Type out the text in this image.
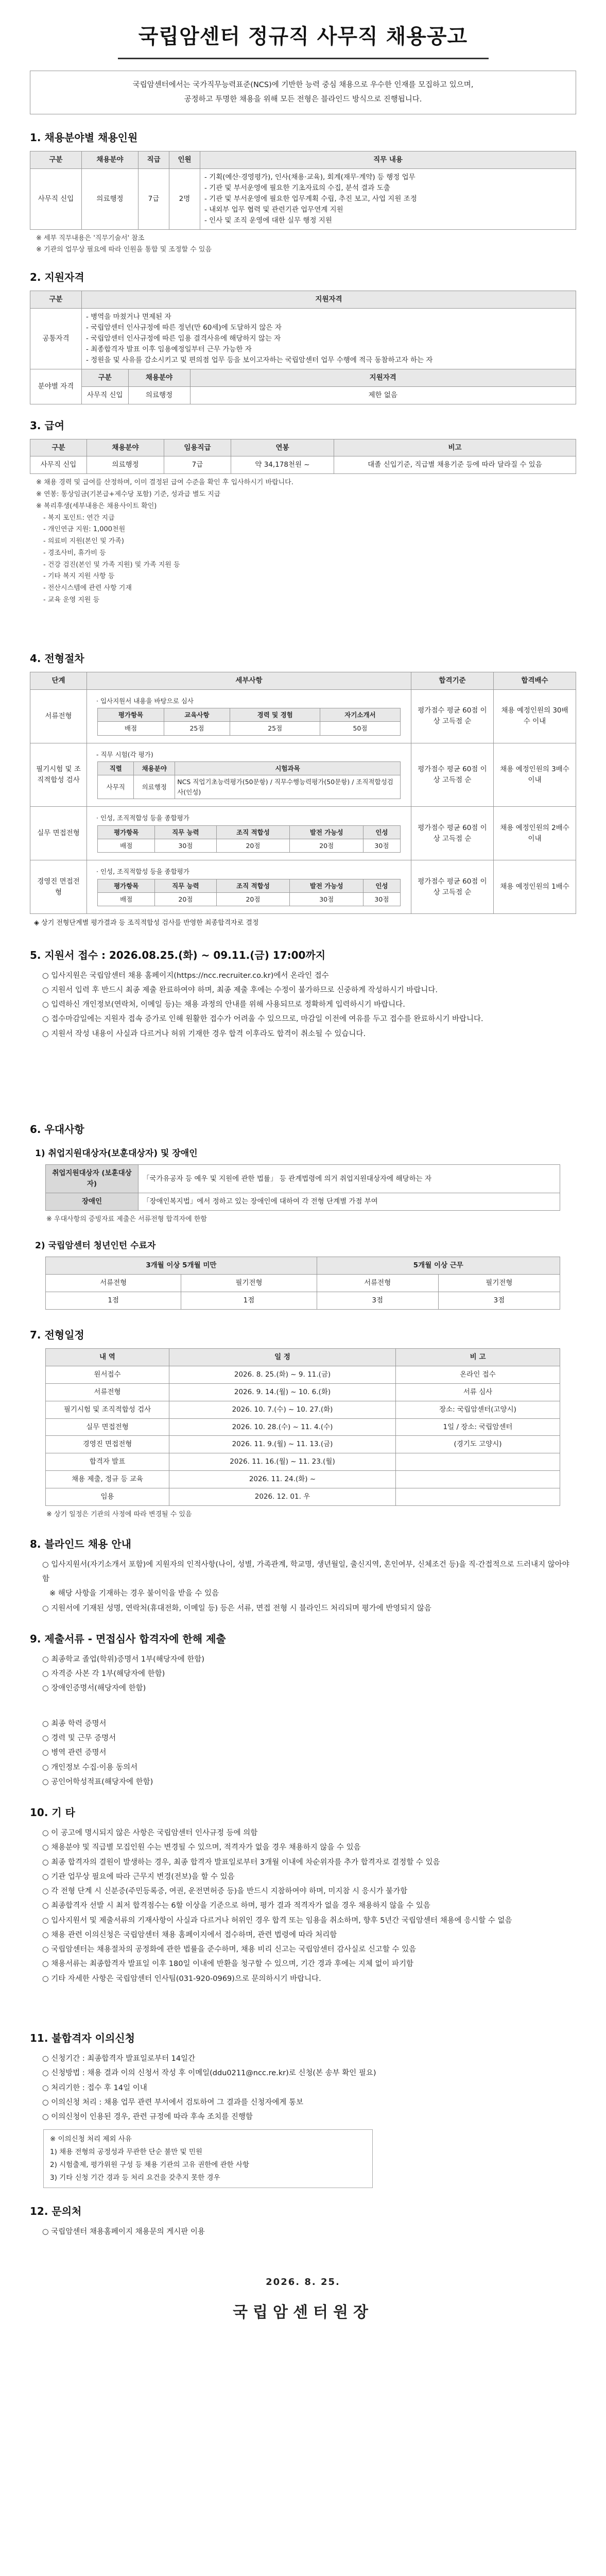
국립암센터 정규직 사무직 채용공고
국립암센터에서는 국가직무능력표준(NCS)에 기반한 능력 중심 채용으로 우수한 인재를 모집하고 있으며,
공정하고 투명한 채용을 위해 모든 전형은 블라인드 방식으로 진행됩니다.
1. 채용분야별 채용인원
구분	채용분야	직급	인원	직무 내용
사무직 신입	의료행정	7급	2명	- 기획(예산·경영평가), 인사(채용·교육), 회계(재무·계약) 등 행정 업무
- 기관 및 부서운영에 필요한 기초자료의 수집, 분석 결과 도출
- 기관 및 부서운영에 필요한 업무계획 수립, 추진 보고, 사업 지원 조정
- 내외부 업무 협력 및 관련기관 업무연계 지원
- 인사 및 조직 운영에 대한 실무 행정 지원
※ 세부 직무내용은 '직무기술서' 참조
※ 기관의 업무상 필요에 따라 인원을 통합 및 조정할 수 있음
2. 지원자격
구분	지원자격
공통자격	
- 병역을 마쳤거나 면제된 자
- 국립암센터 인사규정에 따른 정년(만 60세)에 도달하지 않은 자
- 국립암센터 인사규정에 따른 임용 결격사유에 해당하지 않는 자
- 최종합격자 발표 이후 임용예정일부터 근무 가능한 자
- 정원을 및 사유를 감소시키고 및 편의점 업무 등을 보이고자하는 국립암센터 업무 수행에 적극 동참하고자 하는 자

분야별 자격	
구분	채용분야	지원자격
사무직 신입	의료행정	제한 없음
3. 급여
구분	채용분야	임용직급	연봉	비고
사무직 신입	의료행정	7급	약 34,178천원 ~	대졸 신입기준, 직급별 채용기준 등에 따라 달라질 수 있음
※ 채용 경력 및 급여를 산정하며, 이미 결정된 급여 수준을 확인 후 입사하시기 바랍니다.
※ 연봉: 통상임금(기본급+제수당 포함) 기준, 성과급 별도 지급
※ 복리후생(세부내용은 채용사이트 확인)
- 복지 포인트: 연간 지급
- 개인연금 지원: 1,000천원
- 의료비 지원(본인 및 가족)
- 경조사비, 휴가비 등
- 건강 검진(본인 및 가족 지원) 및 가족 지원 등
- 기타 복지 지원 사항 등
- 전산시스템에 관련 사항 기재
- 교육 운영 지원 등
4. 전형절차
단계	세부사항	합격기준	합격배수
서류전형	
· 입사지원서 내용을 바탕으로 심사
평가항목	교육사항	경력 및 경험	자기소개서
배점	25점	25점	50점
	평가점수 평균 60점 이상 고득점 순	채용 예정인원의 30배수 이내
필기시험 및 조직적합성 검사	
- 직무 시험(각 평가)
직렬	채용분야	시험과목
사무직	의료행정	NCS 직업기초능력평가(50문항) / 직무수행능력평가(50문항) / 조직적합성검사(인성)
	평가점수 평균 60점 이상 고득점 순	채용 예정인원의 3배수 이내
실무 면접전형	
· 인성, 조직적합성 등을 종합평가
평가항목	직무 능력	조직 적합성	발전 가능성	인성
배점	30점	20점	20점	30점
	평가점수 평균 60점 이상 고득점 순	채용 예정인원의 2배수 이내
경영진 면접전형	
· 인성, 조직적합성 등을 종합평가
평가항목	직무 능력	조직 적합성	발전 가능성	인성
배점	20점	20점	30점	30점
	평가점수 평균 60점 이상 고득점 순	채용 예정인원의 1배수
◈ 상기 전형단계별 평가결과 등 조직적합성 검사를 반영한 최종합격자로 결정
5. 지원서 접수 : 2026.08.25.(화) ~ 09.11.(금) 17:00까지
○ 입사지원은 국립암센터 채용 홈페이지(https://ncc.recruiter.co.kr)에서 온라인 접수
○ 지원서 입력 후 반드시 최종 제출 완료하여야 하며, 최종 제출 후에는 수정이 불가하므로 신중하게 작성하시기 바랍니다.
○ 입력하신 개인정보(연락처, 이메일 등)는 채용 과정의 안내를 위해 사용되므로 정확하게 입력하시기 바랍니다.
○ 접수마감일에는 지원자 접속 증가로 인해 원활한 접수가 어려울 수 있으므로, 마감일 이전에 여유를 두고 접수를 완료하시기 바랍니다.
○ 지원서 작성 내용이 사실과 다르거나 허위 기재한 경우 합격 이후라도 합격이 취소될 수 있습니다.
6. 우대사항
1) 취업지원대상자(보훈대상자) 및 장애인
취업지원대상자 (보훈대상자)	「국가유공자 등 예우 및 지원에 관한 법률」 등 관계법령에 의거 취업지원대상자에 해당하는 자
장애인	「장애인복지법」에서 정하고 있는 장애인에 대하여 각 전형 단계별 가점 부여
※ 우대사항의 증빙자료 제출은 서류전형 합격자에 한함
2) 국립암센터 청년인턴 수료자
3개월 이상 5개월 미만		5개월 이상 근무	
서류전형	필기전형	서류전형	필기전형
1점	1점	3점	3점
7. 전형일정
내 역	일 정	비 고
원서접수	2026. 8. 25.(화) ~ 9. 11.(금)	온라인 접수
서류전형	2026. 9. 14.(월) ~ 10. 6.(화)	서류 심사
필기시험 및 조직적합성 검사	2026. 10. 7.(수) ~ 10. 27.(화)	장소: 국립암센터(고양시)
실무 면접전형	2026. 10. 28.(수) ~ 11. 4.(수)	1일 / 장소: 국립암센터
경영진 면접전형	2026. 11. 9.(월) ~ 11. 13.(금)	(경기도 고양시)
합격자 발표	2026. 11. 16.(월) ~ 11. 23.(월)	
채용 제출, 정규 등 교육	2026. 11. 24.(화) ~	
임용	2026. 12. 01. 우	
※ 상기 일정은 기관의 사정에 따라 변경될 수 있음
8. 블라인드 채용 안내
○ 입사지원서(자기소개서 포함)에 지원자의 인적사항(나이, 성별, 가족관계, 학교명, 생년월일, 출신지역, 혼인여부, 신체조건 등)을 직·간접적으로 드러내지 않아야 함
※ 해당 사항을 기재하는 경우 불이익을 받을 수 있음
○ 지원서에 기재된 성명, 연락처(휴대전화, 이메일 등) 등은 서류, 면접 전형 시 블라인드 처리되며 평가에 반영되지 않음
9. 제출서류 - 면접심사 합격자에 한해 제출
○ 최종학교 졸업(학위)증명서 1부(해당자에 한함)
○ 자격증 사본 각 1부(해당자에 한함)
○ 장애인증명서(해당자에 한함)
○ 최종 학력 증명서
○ 경력 및 근무 증명서
○ 병역 관련 증명서
○ 개인정보 수집·이용 동의서
○ 공인어학성적표(해당자에 한함)
10. 기 타
○ 이 공고에 명시되지 않은 사항은 국립암센터 인사규정 등에 의함
○ 채용분야 및 직급별 모집인원 수는 변경될 수 있으며, 적격자가 없을 경우 채용하지 않을 수 있음
○ 최종 합격자의 결원이 발생하는 경우, 최종 합격자 발표일로부터 3개월 이내에 차순위자를 추가 합격자로 결정할 수 있음
○ 기관 업무상 필요에 따라 근무지 변경(전보)을 할 수 있음
○ 각 전형 단계 시 신분증(주민등록증, 여권, 운전면허증 등)을 반드시 지참하여야 하며, 미지참 시 응시가 불가함
○ 최종합격자 선발 시 최저 합격점수는 6할 이상을 기준으로 하며, 평가 결과 적격자가 없을 경우 채용하지 않을 수 있음
○ 입사지원서 및 제출서류의 기재사항이 사실과 다르거나 허위인 경우 합격 또는 임용을 취소하며, 향후 5년간 국립암센터 채용에 응시할 수 없음
○ 채용 관련 이의신청은 국립암센터 채용 홈페이지에서 접수하며, 관련 법령에 따라 처리함
○ 국립암센터는 채용절차의 공정화에 관한 법률을 준수하며, 채용 비리 신고는 국립암센터 감사실로 신고할 수 있음
○ 채용서류는 최종합격자 발표일 이후 180일 이내에 반환을 청구할 수 있으며, 기간 경과 후에는 지체 없이 파기함
○ 기타 자세한 사항은 국립암센터 인사팀(031-920-0969)으로 문의하시기 바랍니다.
11. 불합격자 이의신청
○ 신청기간 : 최종합격자 발표일로부터 14일간
○ 신청방법 : 채용 결과 이의 신청서 작성 후 이메일(ddu0211@ncc.re.kr)로 신청(본 송부 확인 필요)
○ 처리기한 : 접수 후 14일 이내
○ 이의신청 처리 : 채용 업무 관련 부서에서 검토하여 그 결과를 신청자에게 통보
○ 이의신청이 인용된 경우, 관련 규정에 따라 후속 조치를 진행함
※ 이의신청 처리 제외 사유
1) 채용 전형의 공정성과 무관한 단순 불만 및 민원
2) 시험출제, 평가위원 구성 등 채용 기관의 고유 권한에 관한 사항
3) 기타 신청 기간 경과 등 처리 요건을 갖추지 못한 경우
12. 문의처
○ 국립암센터 채용홈페이지 채용문의 게시판 이용
2026. 8. 25.
국립암센터원장
